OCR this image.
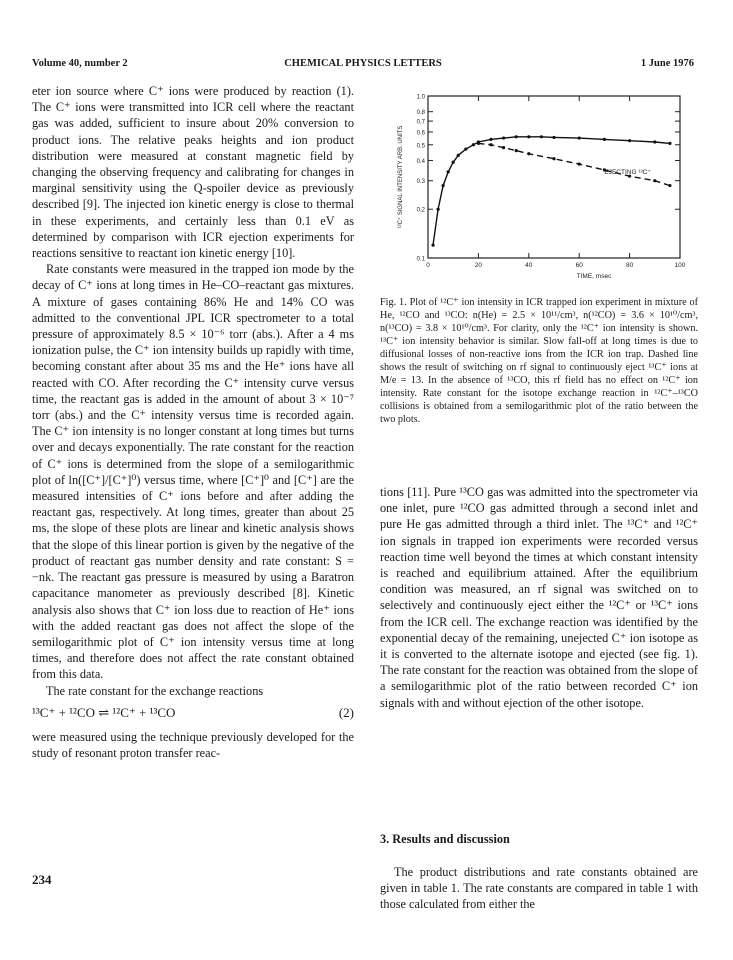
Volume 40, number 2	CHEMICAL PHYSICS LETTERS	1 June 1976

eter ion source where C⁺ ions were produced by reaction (1). The C⁺ ions were transmitted into ICR cell where the reactant gas was added, sufficient to insure about 20% conversion to product ions. The relative peaks heights and ion product distribution were measured at constant magnetic field by changing the observing frequency and calibrating for changes in marginal sensitivity using the Q-spoiler device as previously described [9]. The injected ion kinetic energy is close to thermal in these experiments, and certainly less than 0.1 eV as determined by comparison with ICR ejection experiments for reactions sensitive to reactant ion kinetic energy [10].

Rate constants were measured in the trapped ion mode by the decay of C⁺ ions at long times in He–CO–reactant gas mixtures. A mixture of gases containing 86% He and 14% CO was admitted to the conventional JPL ICR spectrometer to a total pressure of approximately 8.5 × 10⁻⁶ torr (abs.). After a 4 ms ionization pulse, the C⁺ ion intensity builds up rapidly with time, becoming constant after about 35 ms and the He⁺ ions have all reacted with CO. After recording the C⁺ intensity curve versus time, the reactant gas is added in the amount of about 3 × 10⁻⁷ torr (abs.) and the C⁺ intensity versus time is recorded again. The C⁺ ion intensity is no longer constant at long times but turns over and decays exponentially. The rate constant for the reaction of C⁺ ions is determined from the slope of a semilogarithmic plot of ln([C⁺]/[C⁺]⁰) versus time, where [C⁺]⁰ and [C⁺] are the measured intensities of C⁺ ions before and after adding the reactant gas, respectively. At long times, greater than about 25 ms, the slope of these plots are linear and kinetic analysis shows that the slope of this linear portion is given by the negative of the product of reactant gas number density and rate constant: S = −nk. The reactant gas pressure is measured by using a Baratron capacitance manometer as previously described [8]. Kinetic analysis also shows that C⁺ ion loss due to reaction of He⁺ ions with the added reactant gas does not affect the slope of the semilogarithmic plot of C⁺ ion intensity versus time at long times, and therefore does not affect the rate constant obtained from this data.

The rate constant for the exchange reactions

¹³C⁺ + ¹²CO ⇌ ¹²C⁺ + ¹³CO	(2)

were measured using the technique previously developed for the study of resonant proton transfer reac-

0	20	40	60	80	100
0.1
0.2
0.3
0.4
0.5
0.6
0.7
0.8
1.0
TIME, msec
¹²C⁺ SIGNAL INTENSITY ARB. UNITS	EJECTING ¹³C⁺

Fig. 1. Plot of ¹²C⁺ ion intensity in ICR trapped ion experiment in mixture of He, ¹²CO and ¹³CO: n(He) = 2.5 × 10¹¹/cm³, n(¹²CO) = 3.6 × 10¹⁰/cm³, n(¹³CO) = 3.8 × 10¹⁰/cm³. For clarity, only the ¹²C⁺ ion intensity is shown. ¹³C⁺ ion intensity behavior is similar. Slow fall-off at long times is due to diffusional losses of non-reactive ions from the ICR ion trap. Dashed line shows the result of switching on rf signal to continuously eject ¹³C⁺ ions at M/e = 13. In the absence of ¹³CO, this rf field has no effect on ¹²C⁺ ion intensity. Rate constant for the isotope exchange reaction in ¹²C⁺–¹³CO collisions is obtained from a semilogarithmic plot of the ratio between the two plots.

tions [11]. Pure ¹³CO gas was admitted into the spectrometer via one inlet, pure ¹²CO gas admitted through a second inlet and pure He gas admitted through a third inlet. The ¹³C⁺ and ¹²C⁺ ion signals in trapped ion experiments were recorded versus reaction time well beyond the times at which constant intensity is reached and equilibrium attained. After the equilibrium condition was measured, an rf signal was switched on to selectively and continuously eject either the ¹²C⁺ or ¹³C⁺ ions from the ICR cell. The exchange reaction was identified by the exponential decay of the remaining, unejected C⁺ ion isotope as it is converted to the alternate isotope and ejected (see fig. 1). The rate constant for the reaction was obtained from the slope of a semilogarithmic plot of the ratio between recorded C⁺ ion signals with and without ejection of the other isotope.

3. Results and discussion

The product distributions and rate constants obtained are given in table 1. The rate constants are compared in table 1 with those calculated from either the

234
